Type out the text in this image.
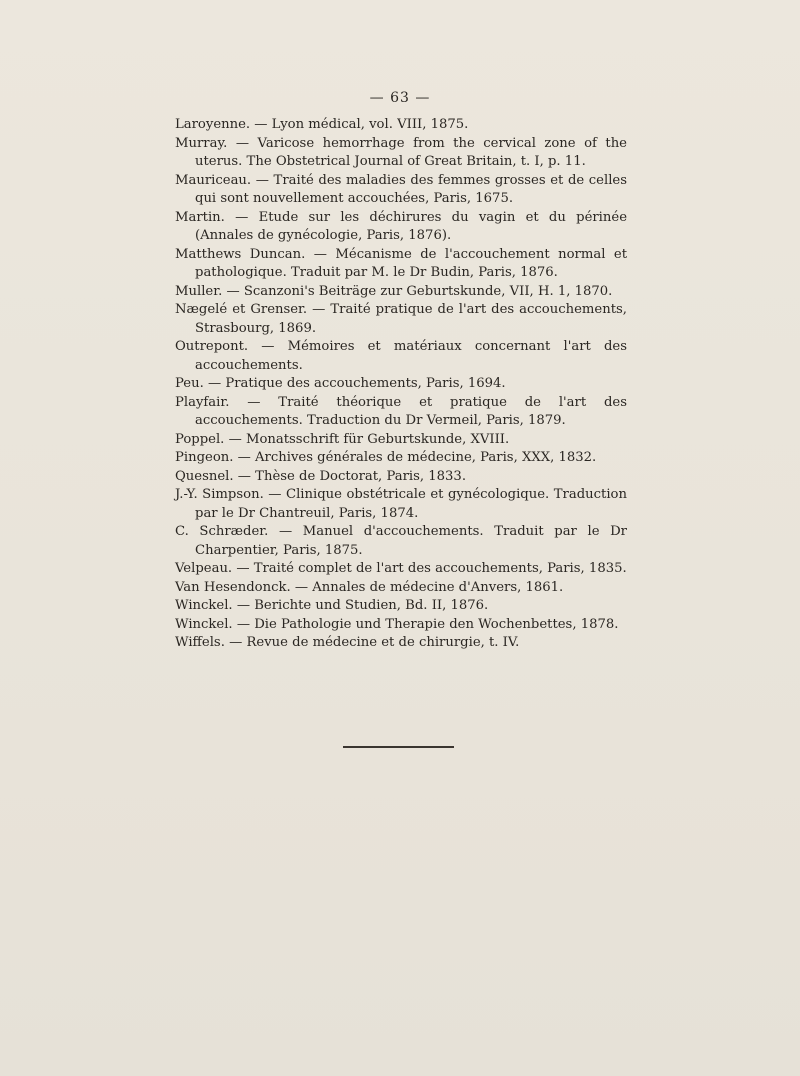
— 63 —
Laroyenne. — Lyon médical, vol. VIII, 1875.
Murray. — Varicose hemorrhage from the cervical zone of the uterus. The Obstetrical Journal of Great Britain, t. I, p. 11.
Mauriceau. — Traité des maladies des femmes grosses et de celles qui sont nouvellement accouchées, Paris, 1675.
Martin. — Etude sur les déchirures du vagin et du périnée (Annales de gynécologie, Paris, 1876).
Matthews Duncan. — Mécanisme de l'accouchement normal et pathologique. Traduit par M. le Dr Budin, Paris, 1876.
Muller. — Scanzoni's Beiträge zur Geburtskunde, VII, H. 1, 1870.
Nægelé et Grenser. — Traité pratique de l'art des accouchements, Strasbourg, 1869.
Outrepont. — Mémoires et matériaux concernant l'art des accouchements.
Peu. — Pratique des accouchements, Paris, 1694.
Playfair. — Traité théorique et pratique de l'art des accouchements. Traduction du Dr Vermeil, Paris, 1879.
Poppel. — Monatsschrift für Geburtskunde, XVIII.
Pingeon. — Archives générales de médecine, Paris, XXX, 1832.
Quesnel. — Thèse de Doctorat, Paris, 1833.
J.-Y. Simpson. — Clinique obstétricale et gynécologique. Traduction par le Dr Chantreuil, Paris, 1874.
C. Schræder. — Manuel d'accouchements. Traduit par le Dr Charpentier, Paris, 1875.
Velpeau. — Traité complet de l'art des accouchements, Paris, 1835.
Van Hesendonck. — Annales de médecine d'Anvers, 1861.
Winckel. — Berichte und Studien, Bd. II, 1876.
Winckel. — Die Pathologie und Therapie den Wochenbettes, 1878.
Wiffels. — Revue de médecine et de chirurgie, t. IV.
